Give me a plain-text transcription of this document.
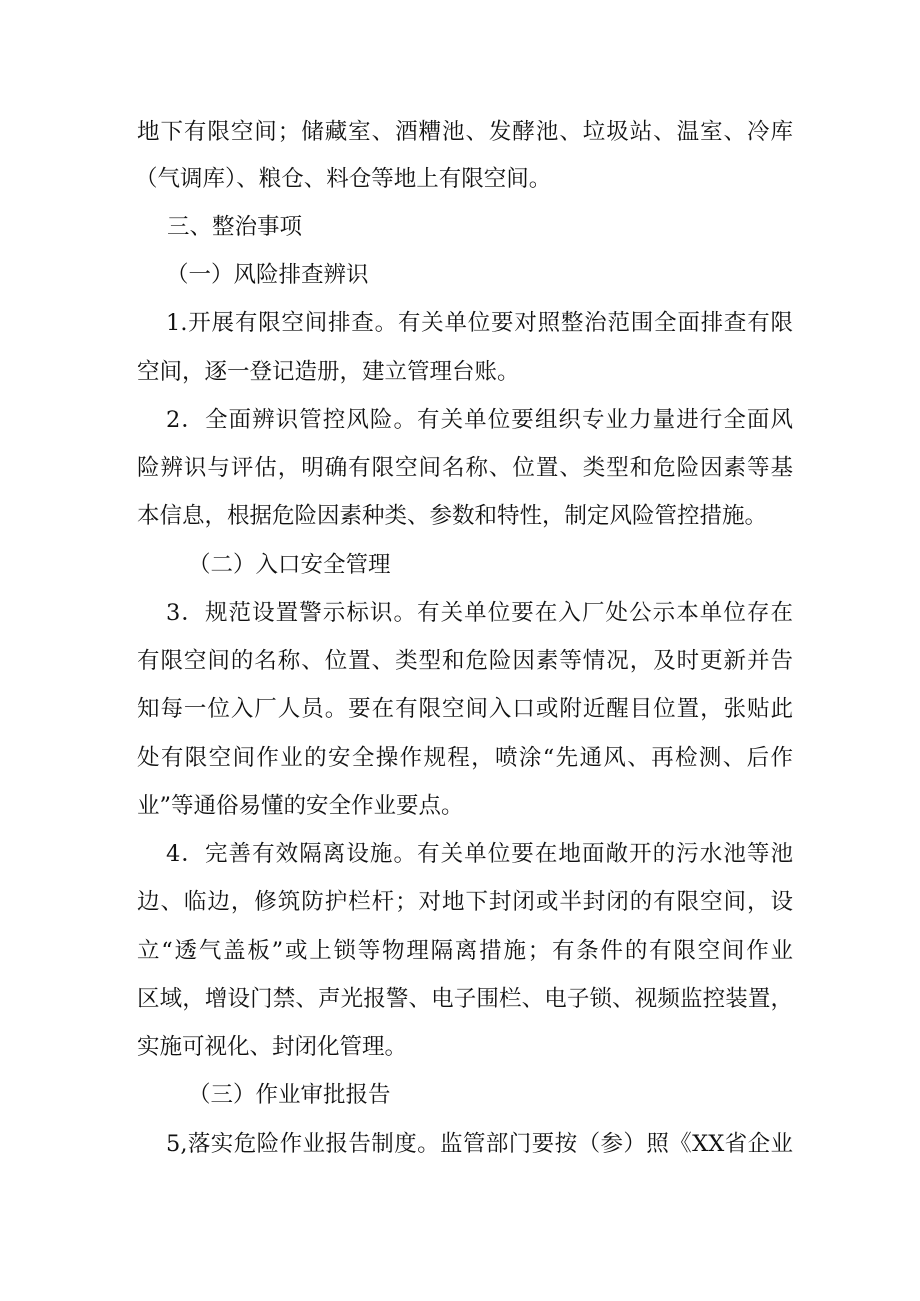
地下有限空间；储藏室、酒糟池、发酵池、垃圾站、温室、冷库
（气调库）、粮仓、料仓等地上有限空间。
三、整治事项
（一）风险排查辨识
1.开展有限空间排查。有关单位要对照整治范围全面排查有限
空间，逐一登记造册，建立管理台账。
2．全面辨识管控风险。有关单位要组织专业力量进行全面风
险辨识与评估，明确有限空间名称、位置、类型和危险因素等基
本信息，根据危险因素种类、参数和特性，制定风险管控措施。
（二）入口安全管理
3．规范设置警示标识。有关单位要在入厂处公示本单位存在
有限空间的名称、位置、类型和危险因素等情况，及时更新并告
知每一位入厂人员。要在有限空间入口或附近醒目位置，张贴此
处有限空间作业的安全操作规程，喷涂“先通风、再检测、后作
业”等通俗易懂的安全作业要点。
4．完善有效隔离设施。有关单位要在地面敞开的污水池等池
边、临边，修筑防护栏杆；对地下封闭或半封闭的有限空间，设
立“透气盖板”或上锁等物理隔离措施；有条件的有限空间作业
区域，增设门禁、声光报警、电子围栏、电子锁、视频监控装置，
实施可视化、封闭化管理。
（三）作业审批报告
5,落实危险作业报告制度。监管部门要按（参）照《XX省企业
